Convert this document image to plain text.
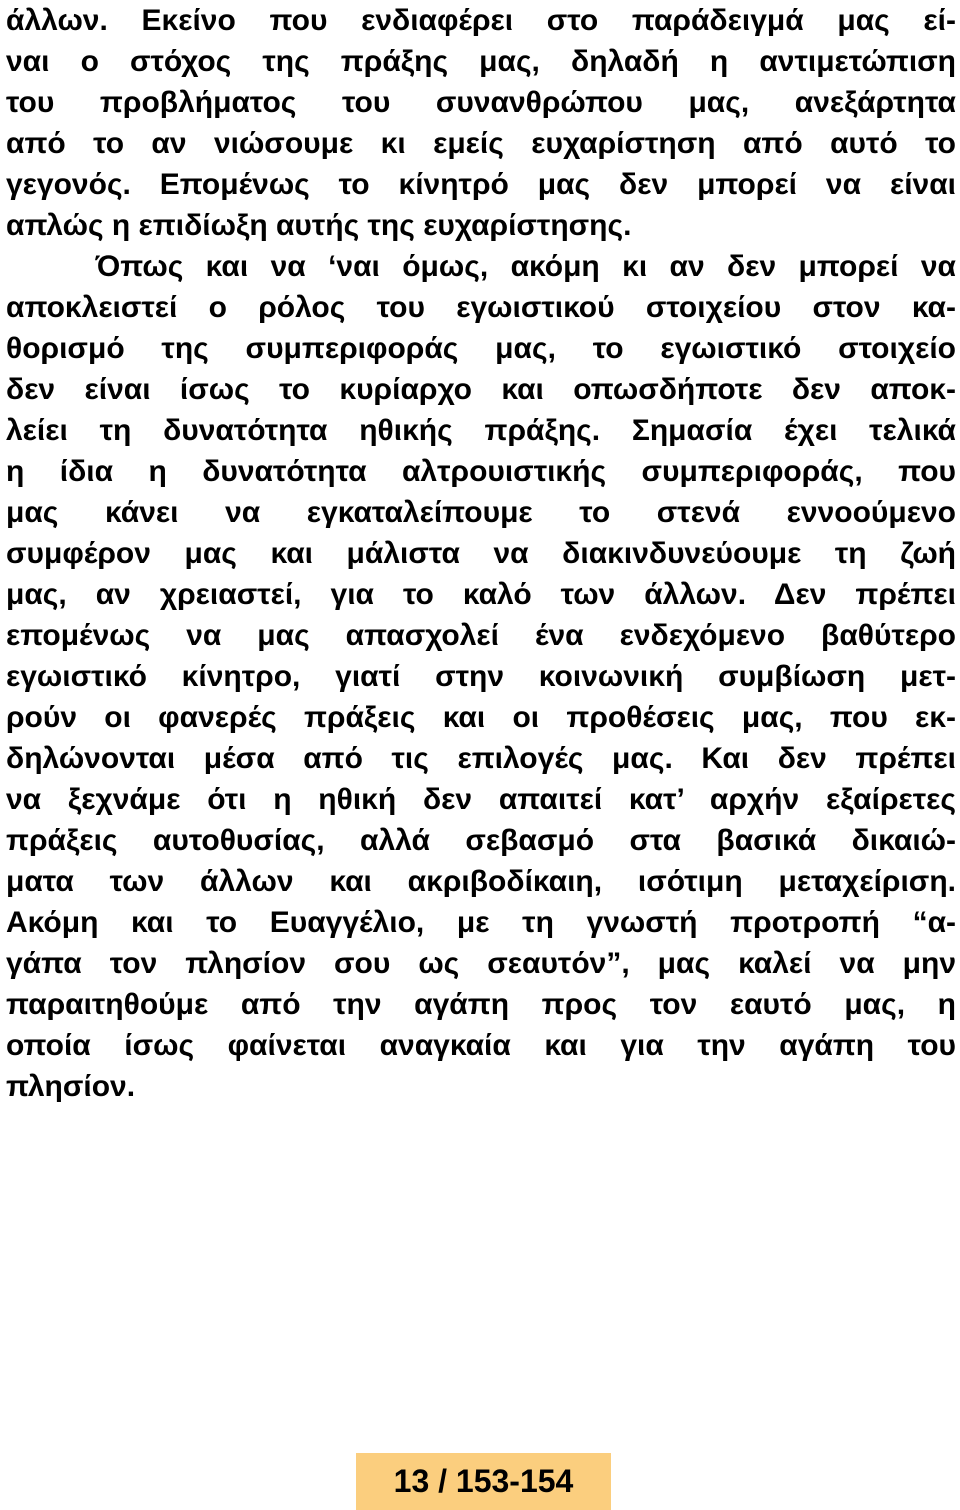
άλλων. Εκείνο που ενδιαφέρει στο παράδειγμά μας εί-
ναι ο στόχος της πράξης μας, δηλαδή η αντιμετώπιση
του προβλήματος του συνανθρώπου μας, ανεξάρτητα
από το αν νιώσουμε κι εμείς ευχαρίστηση από αυτό το
γεγονός. Επομένως το κίνητρό μας δεν μπορεί να είναι
απλώς η επιδίωξη αυτής της ευχαρίστησης.
Όπως και να ‘ναι όμως, ακόμη κι αν δεν μπορεί να
αποκλειστεί ο ρόλος του εγωιστικού στοιχείου στον κα-
θορισμό της συμπεριφοράς μας, το εγωιστικό στοιχείο
δεν είναι ίσως το κυρίαρχο και οπωσδήποτε δεν αποκ-
λείει τη δυνατότητα ηθικής πράξης. Σημασία έχει τελικά
η ίδια η δυνατότητα αλτρουιστικής συμπεριφοράς, που
μας κάνει να εγκαταλείπουμε το στενά εννοούμενο
συμφέρον μας και μάλιστα να διακινδυνεύουμε τη ζωή
μας, αν χρειαστεί, για το καλό των άλλων. Δεν πρέπει
επομένως να μας απασχολεί ένα ενδεχόμενο βαθύτερο
εγωιστικό κίνητρο, γιατί στην κοινωνική συμβίωση μετ-
ρούν οι φανερές πράξεις και οι προθέσεις μας, που εκ-
δηλώνονται μέσα από τις επιλογές μας. Και δεν πρέπει
να ξεχνάμε ότι η ηθική δεν απαιτεί κατ’ αρχήν εξαίρετες
πράξεις αυτοθυσίας, αλλά σεβασμό στα βασικά δικαιώ-
ματα των άλλων και ακριβοδίκαιη, ισότιμη μεταχείριση.
Ακόμη και το Ευαγγέλιο, με τη γνωστή προτροπή “α-
γάπα τον πλησίον σου ως σεαυτόν”, μας καλεί να μην
παραιτηθούμε από την αγάπη προς τον εαυτό μας, η
οποία ίσως φαίνεται αναγκαία και για την αγάπη του
πλησίον.
13 / 153-154
